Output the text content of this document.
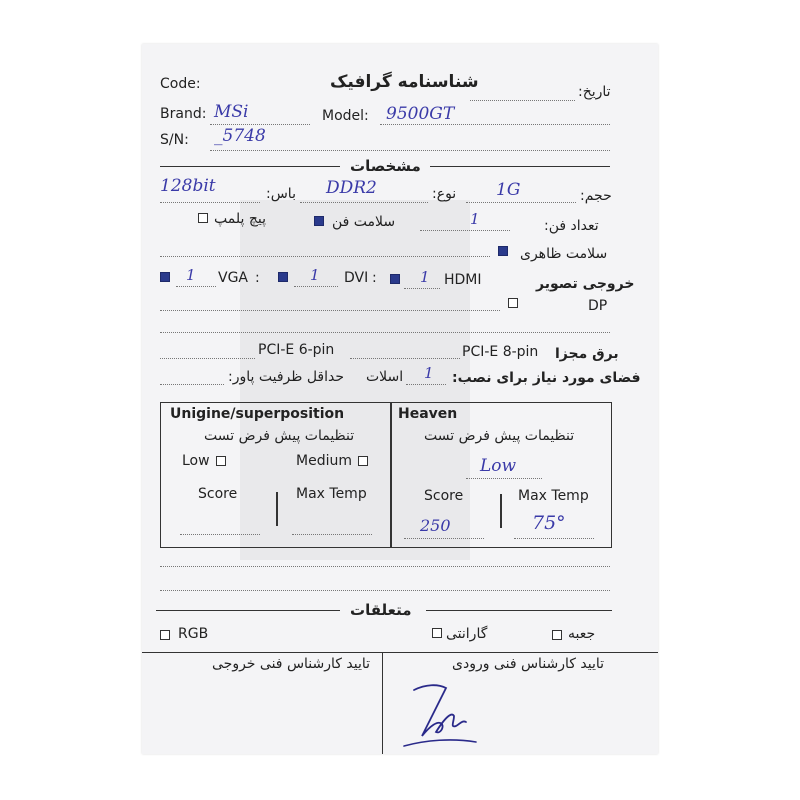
Code:	شناسنامه گرافیک	تاریخ:
Brand: MSi	Model: 9500GT
S/N: _5748
مشخصات
128bit	باس: DDR2	نوع: 1G	حجم:
پیچ پلمپ	سلامت فن	1	تعداد فن:
سلامت ظاهری
1 VGA :	1 DVI :	1 HDMI	خروجی تصویر
DP
PCI-E 6-pin	PCI-E 8-pin برق مجزا
حداقل ظرفیت پاور: اسلات 1 فضای مورد نیاز برای نصب:
Unigine/superposition
تنظیمات پیش فرض تست
Low	Medium
Score	Max Temp
Heaven
تنظیمات پیش فرض تست
Low
Score	Max Temp
250	75°
متعلقات
RGB	گارانتی	جعبه
تایید کارشناس فنی خروجی	تایید کارشناس فنی ورودی
